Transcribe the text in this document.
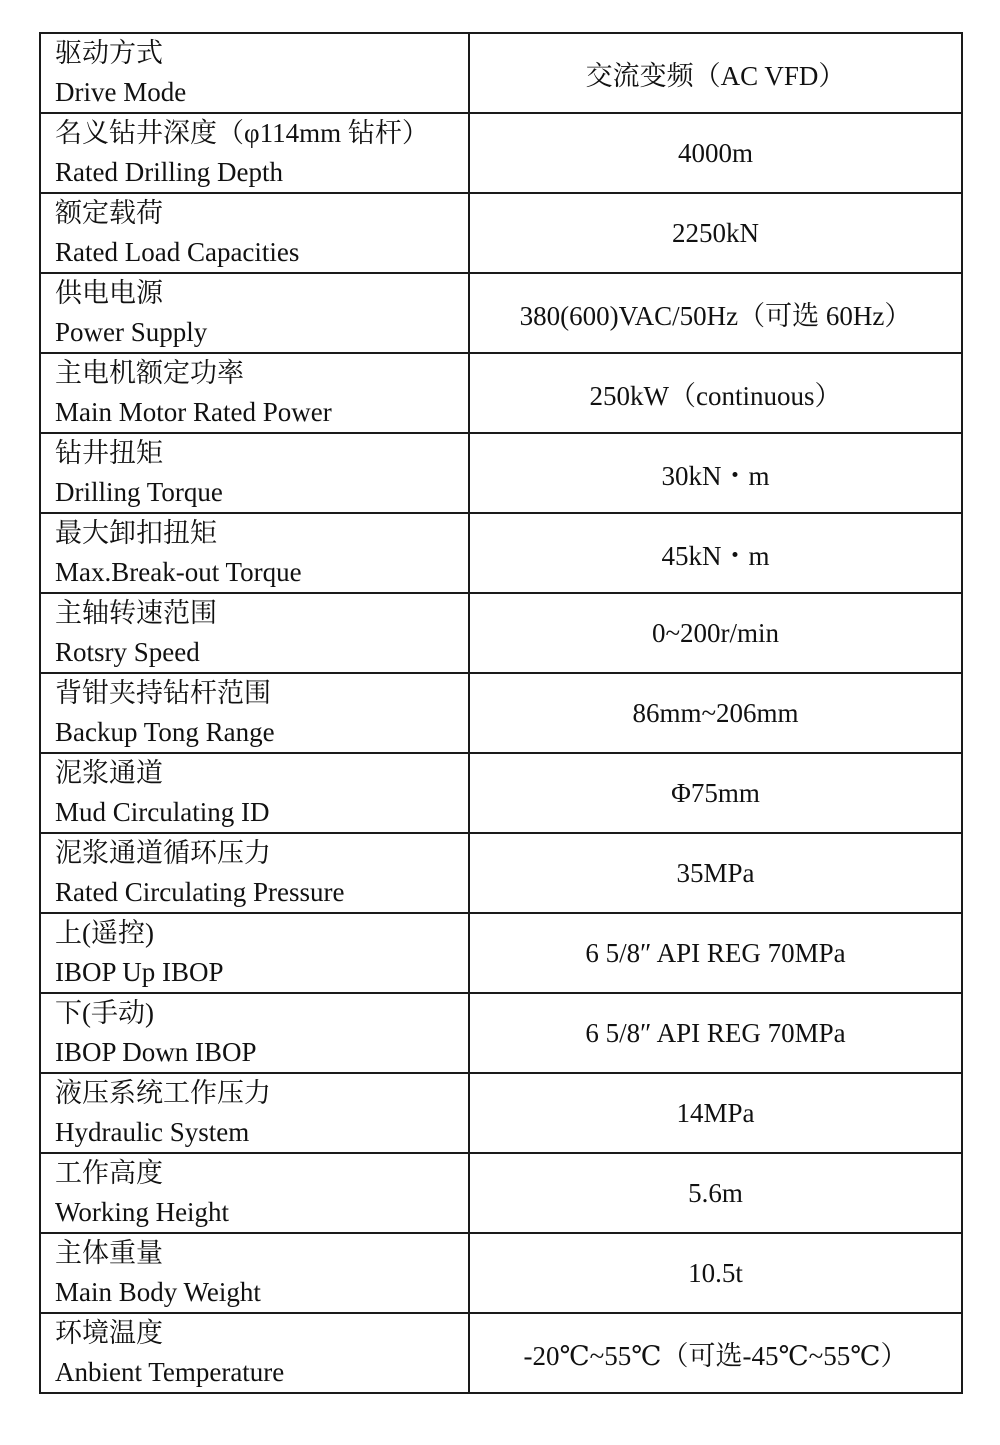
驱动方式
Drive Mode	交流变频（AC VFD）

名义钻井深度（φ114mm 钻杆）
Rated Drilling Depth	4000m

额定载荷
Rated Load Capacities	2250kN

供电电源
Power Supply	380(600)VAC/50Hz（可选 60Hz）

主电机额定功率
Main Motor Rated Power	250kW（continuous）

钻井扭矩
Drilling Torque	30kN・m

最大卸扣扭矩
Max.Break-out Torque	45kN・m

主轴转速范围
Rotsry Speed	0~200r/min

背钳夹持钻杆范围
Backup Tong Range	86mm~206mm

泥浆通道
Mud Circulating ID	Φ75mm

泥浆通道循环压力
Rated Circulating Pressure	35MPa

上(遥控)
IBOP Up IBOP	6 5/8″ API REG 70MPa

下(手动)
IBOP Down IBOP	6 5/8″ API REG 70MPa

液压系统工作压力
Hydraulic System	14MPa

工作高度
Working Height	5.6m

主体重量
Main Body Weight	10.5t

环境温度
Anbient Temperature	-20℃~55℃（可选-45℃~55℃）
